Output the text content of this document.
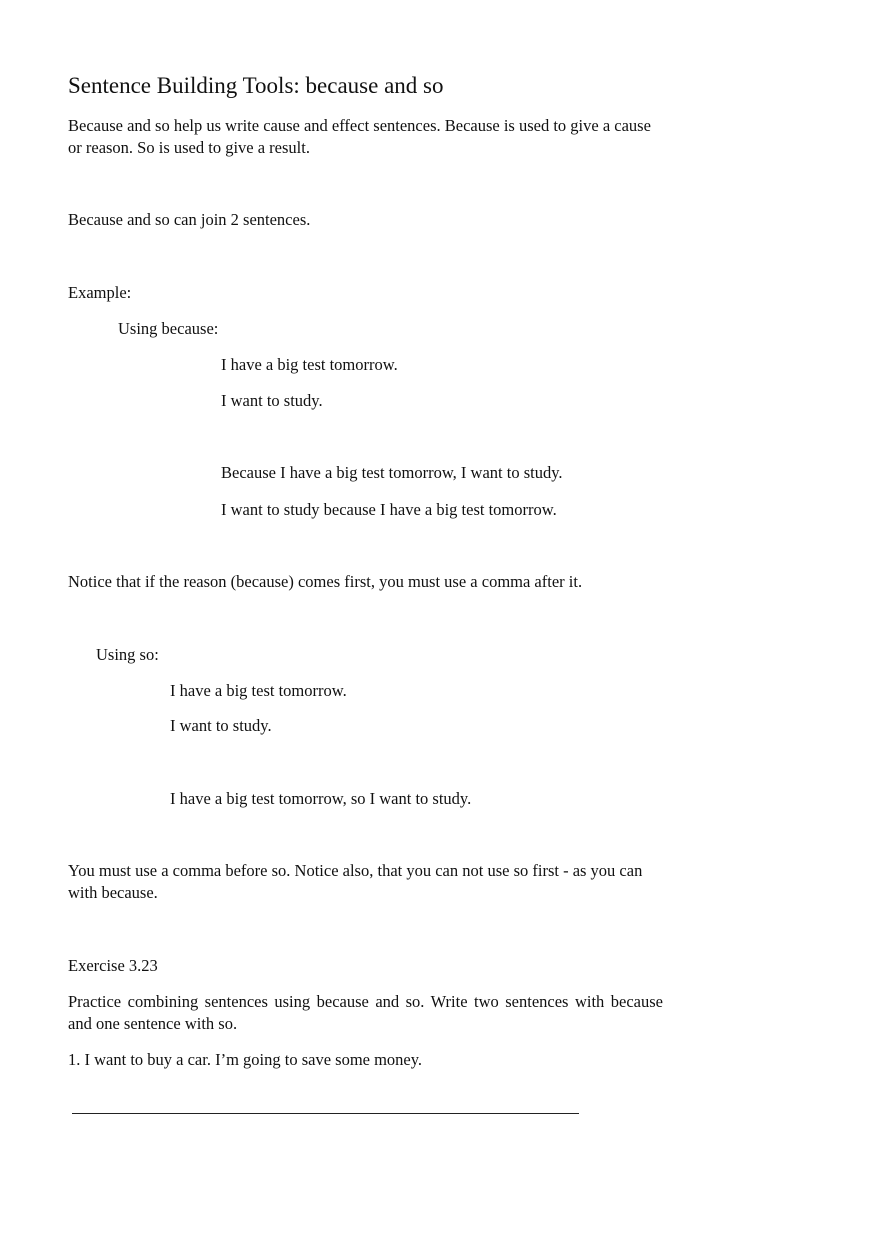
Sentence Building Tools: because and so

Because and so help us write cause and effect sentences. Because is used to give a cause or reason. So is used to give a result.

Because and so can join 2 sentences.

Example:

Using because:

I have a big test tomorrow.

I want to study.

Because I have a big test tomorrow, I want to study.

I want to study because I have a big test tomorrow.

Notice that if the reason (because) comes first, you must use a comma after it.

Using so:

I have a big test tomorrow.

I want to study.

I have a big test tomorrow, so I want to study.

You must use a comma before so. Notice also, that you can not use so first - as you can with because.

Exercise 3.23

Practice combining sentences using because and so. Write two sentences with because and one sentence with so.

1. I want to buy a car. I’m going to save some money.
